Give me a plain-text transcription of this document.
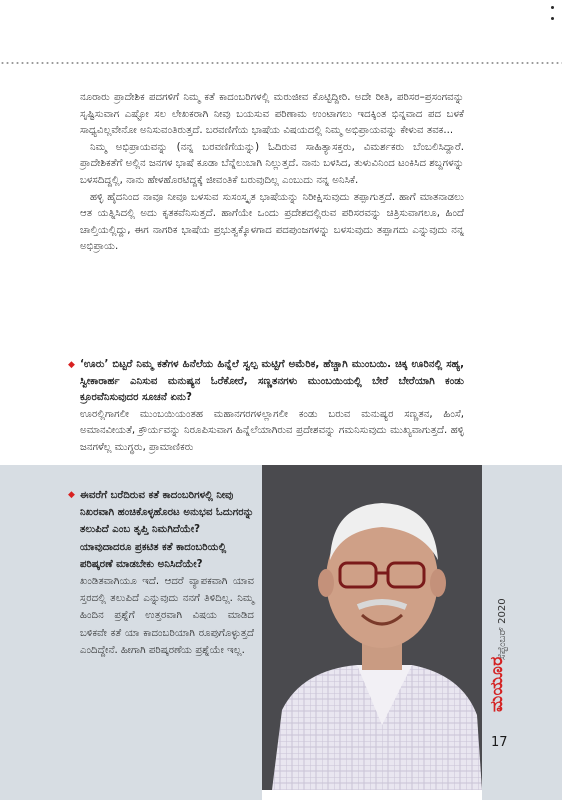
ನೂರಾರು ಪ್ರಾದೇಶಿಕ ಪದಗಳಿಗೆ ನಿಮ್ಮ ಕತೆ ಕಾದಂಬರಿಗಳಲ್ಲಿ ಮರುಜೀವ ಕೊಟ್ಟಿದ್ದೀರಿ. ಅದೇ ರೀತಿ, ಪರಿಸರ–ಪ್ರಸಂಗವನ್ನು ಸೃಷ್ಟಿಸುವಾಗ ಎಷ್ಟೋ ಸಲ ಲೇಖಕರಾಗಿ ನೀವು ಬಯಸುವ ಪರಿಣಾಮ ಉಂಟಾಗಲು ಇದಕ್ಕಿಂತ ಭಿನ್ನವಾದ ಪದ ಬಳಕೆ ಸಾಧ್ಯವಿಲ್ಲವೇನೋ ಅನಿಸುವಂತಿರುತ್ತದೆ. ಬರವಣಿಗೆಯ ಭಾಷೆಯ ವಿಷಯದಲ್ಲಿ ನಿಮ್ಮ ಅಭಿಪ್ರಾಯವನ್ನು ಕೇಳುವ ತವಕ...

ನಿಮ್ಮ ಅಭಿಪ್ರಾಯವನ್ನು (ನನ್ನ ಬರವಣಿಗೆಯನ್ನು) ಓದಿರುವ ಸಾಹಿತ್ಯಾಸಕ್ತರು, ವಿಮರ್ಶಕರು ಬೆಂಬಲಿಸಿದ್ದಾರೆ. ಪ್ರಾದೇಶಿಕತೆಗೆ ಅಲ್ಲಿನ ಜನಗಳ ಭಾಷೆ ಕೂಡಾ ಬೆನ್ನೆಲುಬಾಗಿ ನಿಲ್ಲುತ್ತದೆ. ನಾನು ಬಳಸಿದ, ತುಳುವಿನಿಂದ ಟಂಕಿಸಿದ ಶಬ್ದಗಳನ್ನು ಬಳಸದಿದ್ದಲ್ಲಿ, ನಾನು ಹೇಳಹೊರಟಿದ್ದಕ್ಕೆ ಜೀವಂತಿಕೆ ಬರುವುದಿಲ್ಲ ಎಂಬುದು ನನ್ನ ಅನಿಸಿಕೆ.

ಹಳ್ಳಿ ಹೈದನಿಂದ ನಾವೂ ನೀವೂ ಬಳಸುವ ಸುಸಂಸ್ಕೃತ ಭಾಷೆಯನ್ನು ನಿರೀಕ್ಷಿಸುವುದು ತಪ್ಪಾಗುತ್ತದೆ. ಹಾಗೆ ಮಾತನಾಡಲು ಆತ ಯತ್ನಿಸಿದಲ್ಲಿ ಅದು ಕೃತಕವೆನಿಸುತ್ತದೆ. ಹಾಗೆಯೇ ಒಂದು ಪ್ರದೇಶದಲ್ಲಿರುವ ಪರಿಸರವನ್ನು ಚಿತ್ರಿಸುವಾಗಲೂ, ಹಿಂದೆ ಚಾಲ್ತಿಯಲ್ಲಿದ್ದು, ಈಗ ನಾಗರಿಕ ಭಾಷೆಯ ಪ್ರಭುತ್ವಕ್ಕೊಳಗಾದ ಪದಪುಂಜಗಳನ್ನು ಬಳಸುವುದು ತಪ್ಪಾಗದು ಎನ್ನುವುದು ನನ್ನ ಅಭಿಪ್ರಾಯ.

◆ ‘ಊರು’ ಬಿಟ್ಟರೆ ನಿಮ್ಮ ಕತೆಗಳ ಹಿನೆಲೆಯ ಹಿನ್ನೆಲೆ ಸ್ವಲ್ಪ ಮಟ್ಟಿಗೆ ಅಮೆರಿಕ, ಹೆಚ್ಚಾಗಿ ಮುಂಬಯಿ. ಚಿಕ್ಕ ಊರಿನಲ್ಲಿ ಸಹ್ಯ, ಸ್ವೀಕಾರಾರ್ಹ ಎನಿಸುವ ಮನುಷ್ಯನ ಓರೆಕೋರೆ, ಸಣ್ಣತನಗಳು ಮುಂಬಯಿಯಲ್ಲಿ ಬೇರೆ ಬೇರೆಯಾಗಿ ಕಂಡು ಕ್ರೂರವೆನಿಸುವುದರ ಸೂಚನೆ ಏನು?

ಊರಲ್ಲಿಗಾಗಲೀ ಮುಂಬಯಿಯಂತಹ ಮಹಾನಗರಗಳಲ್ಲಾಗಲೀ ಕಂಡು ಬರುವ ಮನುಷ್ಯರ ಸಣ್ಣತನ, ಹಿಂಸೆ, ಅಮಾನವೀಯತೆ, ಕ್ರೌರ್ಯವನ್ನು ನಿರೂಪಿಸುವಾಗ ಹಿನ್ನೆಲೆಯಾಗಿರುವ ಪ್ರದೇಶವನ್ನು ಗಮನಿಸುವುದು ಮುಖ್ಯವಾಗುತ್ತದೆ. ಹಳ್ಳಿ ಜನಗಳೆಲ್ಲ ಮುಗ್ಧರು, ಪ್ರಾಮಾಣಿಕರು

◆ ಈವರೆಗೆ ಬರೆದಿರುವ ಕತೆ ಕಾದಂಬರಿಗಳಲ್ಲಿ ನೀವು ನಿಖರವಾಗಿ ಹಂಚಿಕೊಳ್ಳಹೊರಟ ಅನುಭವ ಓದುಗರನ್ನು ತಲುಪಿದೆ ಎಂಬ ತೃಪ್ತಿ ನಿಮಗಿದೆಯೇ? ಯಾವುದಾದರೂ ಪ್ರಕಟಿತ ಕತೆ ಕಾದಂಬರಿಯಲ್ಲಿ ಪರಿಷ್ಕರಣೆ ಮಾಡಬೇಕು ಅನಿಸಿದೆಯೇ?

ಖಂಡಿತವಾಗಿಯೂ ಇದೆ. ಆದರೆ ವ್ಯಾಪಕವಾಗಿ ಯಾವ ಸ್ತರದಲ್ಲಿ ತಲುಪಿದೆ ಎನ್ನುವುದು ನನಗೆ ತಿಳಿದಿಲ್ಲ. ನಿಮ್ಮ ಹಿಂದಿನ ಪ್ರಶ್ನೆಗೆ ಉತ್ತರವಾಗಿ ವಿಷಯ ಮಾಡಿದ ಬಳಿಕವೇ ಕತೆ ಯಾ ಕಾದಂಬರಿಯಾಗಿ ರೂಪುಗೊಳ್ಳುತ್ತದೆ ಎಂದಿದ್ದೇನೆ. ಹೀಗಾಗಿ ಪರಿಷ್ಕರಣೆಯ ಪ್ರಶ್ನೆಯೇ ಇಲ್ಲ.	ಸೆಪ್ಟೆಂಬರ್ 2020
ಮಯೂರ
17
